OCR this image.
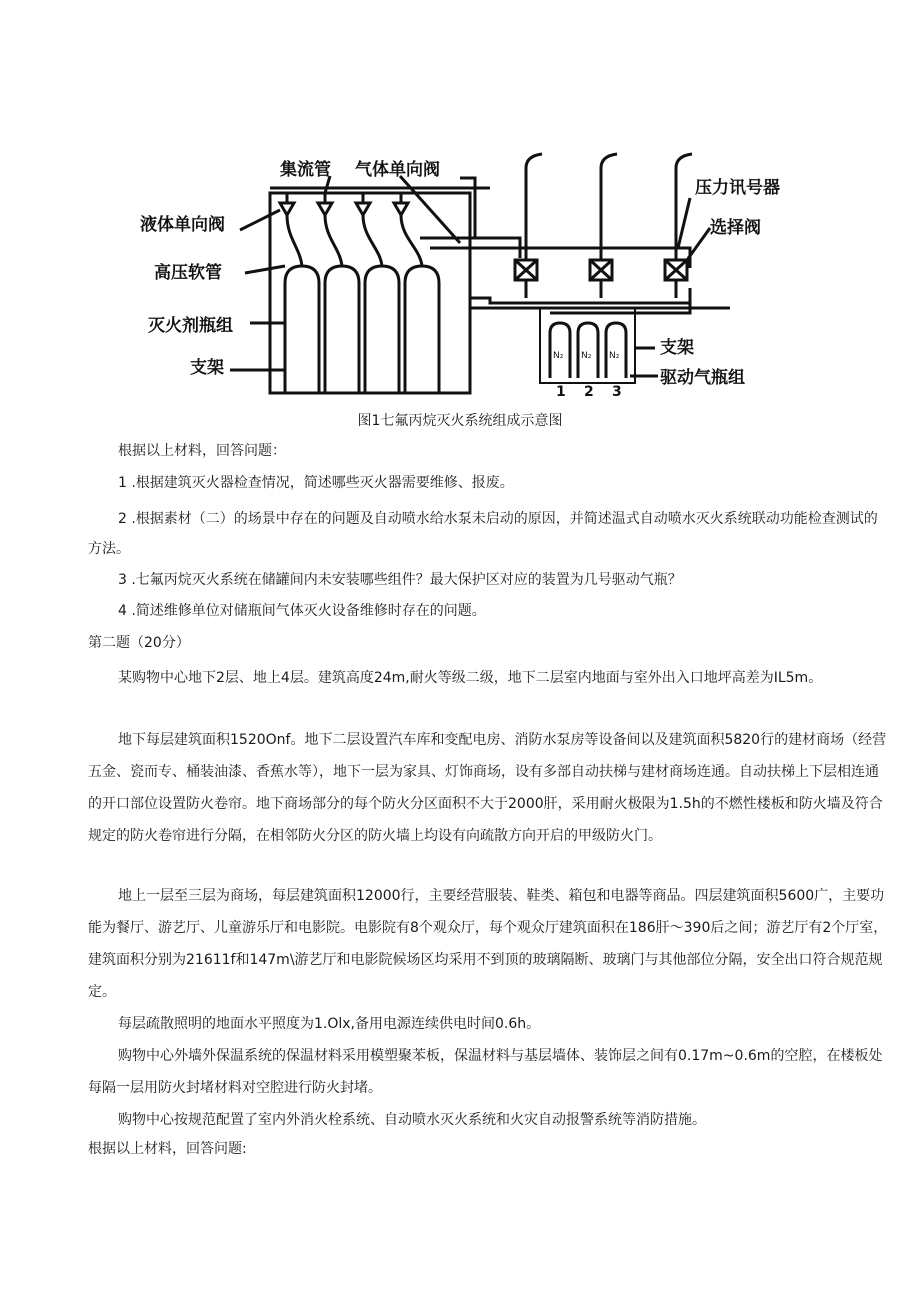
集流管 气体单向阀
液体单向阀
高压软管
灭火剂瓶组
支架
压力讯号器
选择阀
支架
驱动气瓶组
N₂ N₂ N₂
1 2 3
图1七氟丙烷灭火系统组成示意图
根据以上材料，回答问题：
1 .根据建筑灭火器检查情况，简述哪些灭火器需要维修、报废。
2 .根据素材（二）的场景中存在的问题及自动喷水给水泵未启动的原因，并简述温式自动喷水灭火系统联动功能检查测试的方法。
3 .七氟丙烷灭火系统在储罐间内未安装哪些组件？最大保护区对应的装置为几号驱动气瓶？
4 .简述维修单位对储瓶间气体灭火设备维修时存在的问题。
第二题（20分）
某购物中心地下2层、地上4层。建筑高度24m,耐火等级二级，地下二层室内地面与室外出入口地坪高差为IL5m。
地下每层建筑面积1520Onf。地下二层设置汽车库和变配电房、消防水泵房等设备间以及建筑面积5820行的建材商场（经营五金、瓷而专、桶装油漆、香蕉水等），地下一层为家具、灯饰商场，设有多部自动扶梯与建材商场连通。自动扶梯上下层相连通的开口部位设置防火卷帘。地下商场部分的每个防火分区面积不大于2000肝，采用耐火极限为1.5h的不燃性楼板和防火墙及符合规定的防火卷帘进行分隔，在相邻防火分区的防火墙上均设有向疏散方向开启的甲级防火门。
地上一层至三层为商场，每层建筑面积12000行，主要经营服装、鞋类、箱包和电器等商品。四层建筑面积5600广，主要功能为餐厅、游艺厅、儿童游乐厅和电影院。电影院有8个观众厅，每个观众厅建筑面积在186肝〜390后之间；游艺厅有2个厅室，建筑面积分别为21611f和147m\游艺厅和电影院候场区均采用不到顶的玻璃隔断、玻璃门与其他部位分隔，安全出口符合规范规定。
每层疏散照明的地面水平照度为1.Olx,备用电源连续供电时间0.6h。
购物中心外墙外保温系统的保温材料采用模塑聚苯板，保温材料与基层墙体、装饰层之间有0.17m~0.6m的空腔，在楼板处每隔一层用防火封堵材料对空腔进行防火封堵。
购物中心按规范配置了室内外消火栓系统、自动喷水灭火系统和火灾自动报警系统等消防措施。
根据以上材料，回答问题:
